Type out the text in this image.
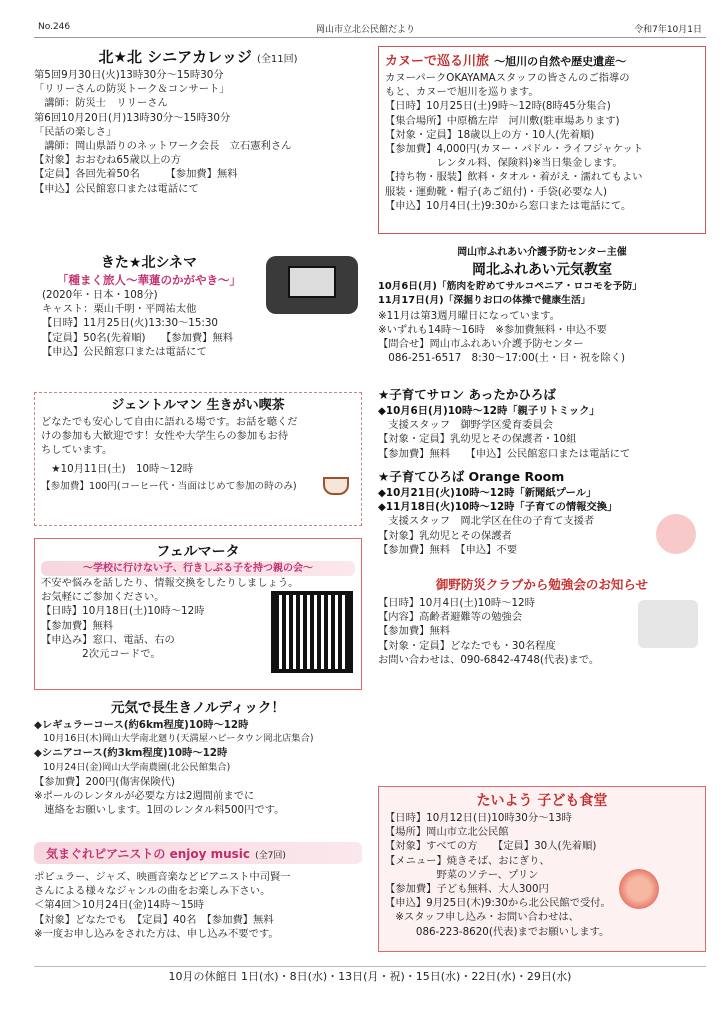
No.246	岡山市立北公民館だより	令和7年10月1日
北★北 シニアカレッジ (全11回)
第5回9月30日(火)13時30分～15時30分
「リリーさんの防災トーク＆コンサート」
　講師：防災士　リリーさん
第6回10月20日(月)13時30分～15時30分
「民話の楽しさ」
　講師：岡山県語りのネットワーク会長　立石憲利さん
【対象】おおむね65歳以上の方
【定員】各回先着50名　　　【参加費】無料
【申込】公民館窓口または電話にて
きた★北シネマ
「種まく旅人～華蓮のかがやき～」
(2020年・日本・108分)
キャスト：栗山千明・平岡祐太他
【日時】11月25日(火)13:30～15:30
【定員】50名(先着順)　　【参加費】無料
【申込】公民館窓口または電話にて
ジェントルマン 生きがい喫茶
どなたでも安心して自由に語れる場です。お話を聴くだ
けの参加も大歓迎です！女性や大学生らの参加もお待
ちしています。
　★10月11日(土)　10時～12時
【参加費】100円(コーヒー代・当面はじめて参加の時のみ)
フェルマータ
～学校に行けない子、行きしぶる子を持つ親の会～
不安や悩みを話したり、情報交換をしたりしましょう。
お気軽にご参加ください。
【日時】10月18日(土)10時～12時
【参加費】無料
【申込み】窓口、電話、右の
　　　　2次元コードで。
元気で長生きノルディック！
◆レギュラーコース(約6km程度)10時～12時
　10月16日(木)岡山大学南北廻り(天満屋ハピータウン岡北店集合)
◆シニアコース(約3km程度)10時～12時
　10月24日(金)岡山大学南農園(北公民館集合)
【参加費】200円(傷害保険代)
※ポールのレンタルが必要な方は2週間前までに
　連絡をお願いします。1回のレンタル料500円です。
気まぐれピアニストの enjoy music (全7回)
ポピュラー、ジャズ、映画音楽などピアニスト中司賢一
さんによる様々なジャンルの曲をお楽しみ下さい。
＜第4回＞10月24日(金)14時～15時
【対象】どなたでも　【定員】40名　【参加費】無料
※一度お申し込みをされた方は、申し込み不要です。
カヌーで巡る川旅 ～旭川の自然や歴史遺産～
カヌーパークOKAYAMAスタッフの皆さんのご指導の
もと、カヌーで旭川を巡ります。
【日時】10月25日(土)9時～12時(8時45分集合)
【集合場所】中原橋左岸　河川敷(駐車場あります)
【対象・定員】18歳以上の方・10人(先着順)
【参加費】4,000円(カヌー・パドル・ライフジャケット
　　　　　レンタル料、保険料)※当日集金します。
【持ち物・服装】飲料・タオル・着がえ・濡れてもよい
服装・運動靴・帽子(あご紐付)・手袋(必要な人)
【申込】10月4日(土)9:30から窓口または電話にて。
岡山市ふれあい介護予防センター主催
岡北ふれあい元気教室
10月6日(月)「筋肉を貯めてサルコペニア・ロコモを予防」
11月17日(月)「深掘りお口の体操で健康生活」
※11月は第3週月曜日になっています。
※いずれも14時～16時　※参加費無料・申込不要
【問合せ】岡山市ふれあい介護予防センター
　086-251-6517　8:30～17:00(土・日・祝を除く)
★子育てサロン あったかひろば
◆10月6日(月)10時～12時「親子リトミック」
　支援スタッフ　御野学区愛育委員会
【対象・定員】乳幼児とその保護者・10組
【参加費】無料　　【申込】公民館窓口または電話にて
★子育てひろば Orange Room
◆10月21日(火)10時～12時「新聞紙プール」
◆11月18日(火)10時～12時「子育ての情報交換」
　支援スタッフ　岡北学区在住の子育て支援者
【対象】乳幼児とその保護者
【参加費】無料　【申込】不要
御野防災クラブから勉強会のお知らせ
【日時】10月4日(土)10時～12時
【内容】高齢者避難等の勉強会
【参加費】無料
【対象・定員】どなたでも・30名程度
お問い合わせは、090-6842-4748(代表)まで。
たいよう 子ども食堂
【日時】10月12日(日)10時30分～13時
【場所】岡山市立北公民館
【対象】すべての方　　【定員】30人(先着順)
【メニュー】焼きそば、おにぎり、
　　　　　野菜のソテー、プリン
【参加費】子ども無料、大人300円
【申込】9月25日(木)9:30から北公民館で受付。
　※スタッフ申し込み・お問い合わせは、
　　　086-223-8620(代表)までお願いします。
10月の休館日 1日(水)・8日(水)・13日(月・祝)・15日(水)・22日(水)・29日(水)
